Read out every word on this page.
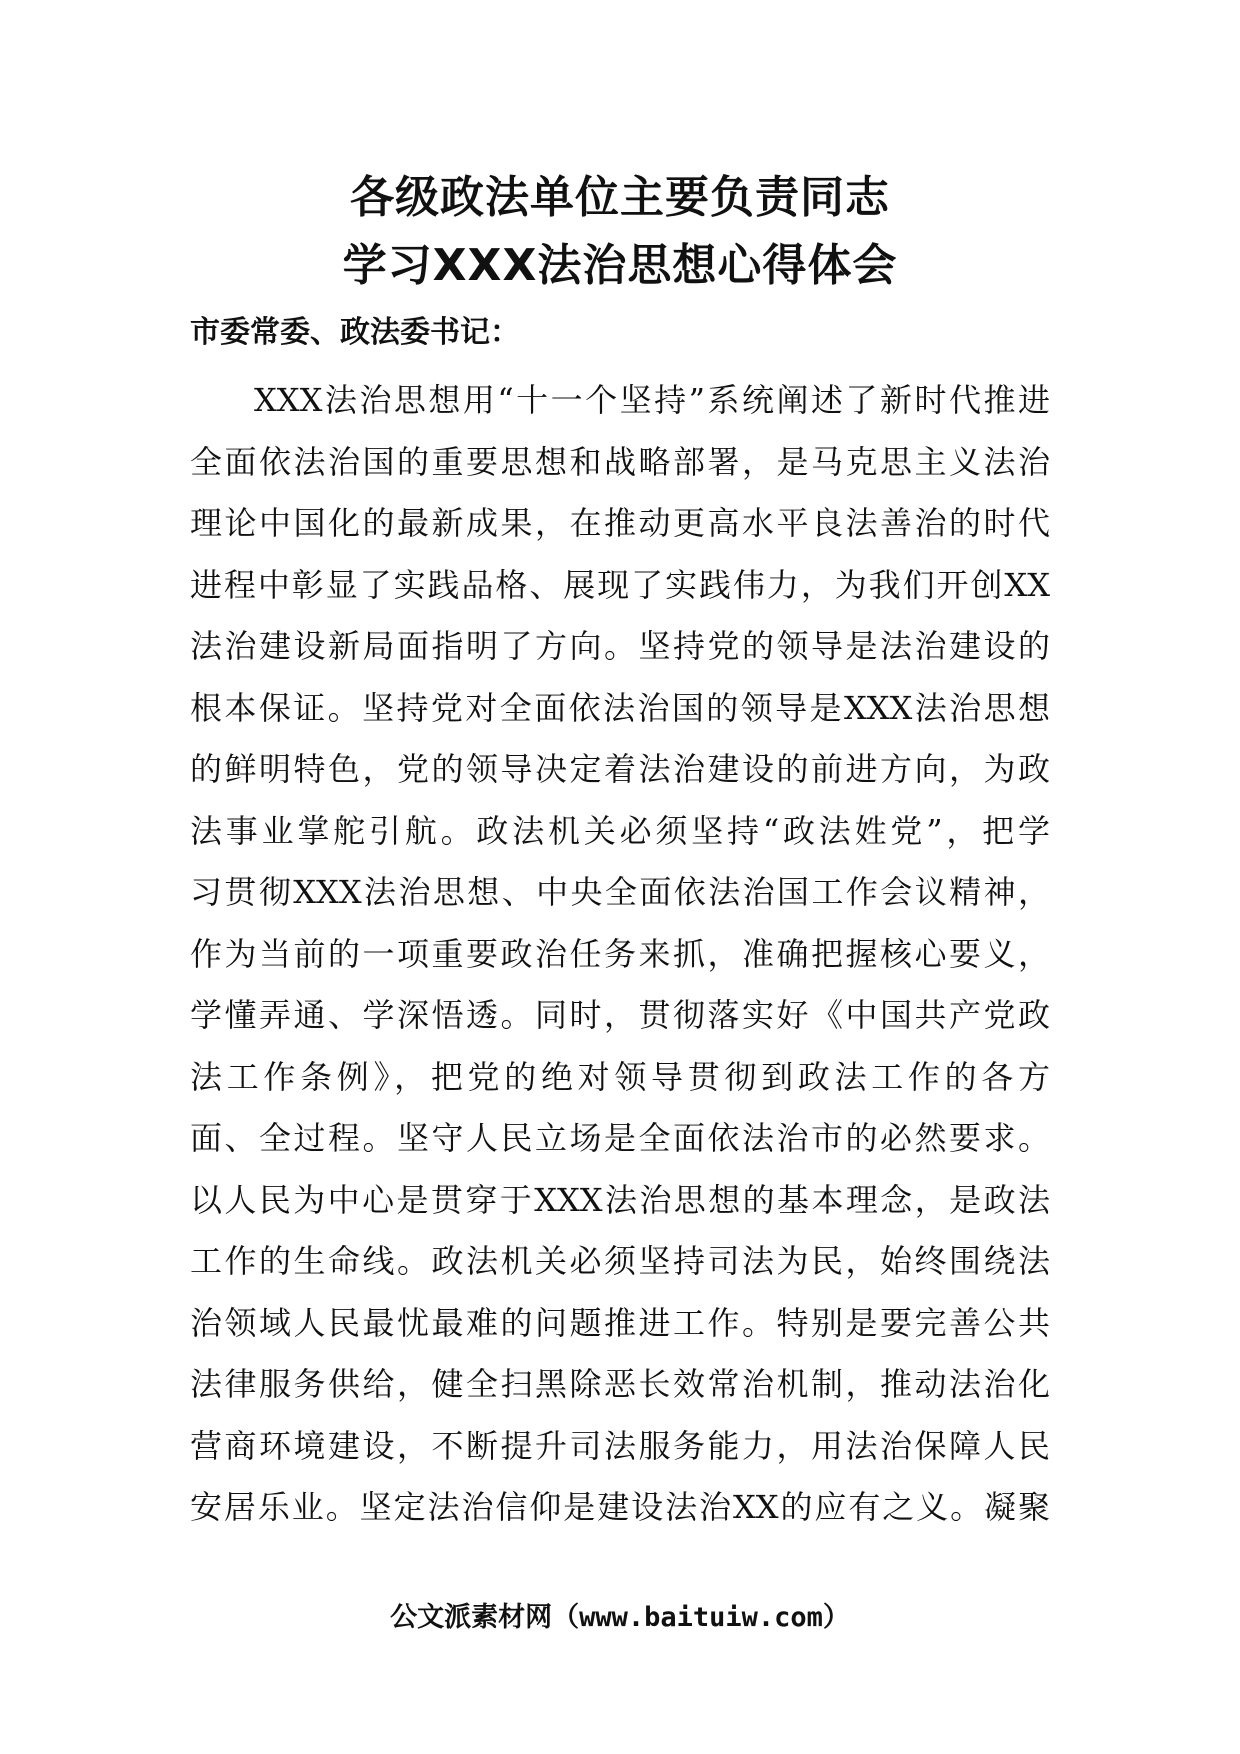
各级政法单位主要负责同志
学习XXX法治思想心得体会

市委常委、政法委书记：

XXX法治思想用“十一个坚持”系统阐述了新时代推进
全面依法治国的重要思想和战略部署，是马克思主义法治
理论中国化的最新成果，在推动更高水平良法善治的时代
进程中彰显了实践品格、展现了实践伟力，为我们开创XX
法治建设新局面指明了方向。坚持党的领导是法治建设的
根本保证。坚持党对全面依法治国的领导是XXX法治思想
的鲜明特色，党的领导决定着法治建设的前进方向，为政
法事业掌舵引航。政法机关必须坚持“政法姓党”，把学
习贯彻XXX法治思想、中央全面依法治国工作会议精神，
作为当前的一项重要政治任务来抓，准确把握核心要义，
学懂弄通、学深悟透。同时，贯彻落实好《中国共产党政
法工作条例》，把党的绝对领导贯彻到政法工作的各方
面、全过程。坚守人民立场是全面依法治市的必然要求。
以人民为中心是贯穿于XXX法治思想的基本理念，是政法
工作的生命线。政法机关必须坚持司法为民，始终围绕法
治领域人民最忧最难的问题推进工作。特别是要完善公共
法律服务供给，健全扫黑除恶长效常治机制，推动法治化
营商环境建设，不断提升司法服务能力，用法治保障人民
安居乐业。坚定法治信仰是建设法治XX的应有之义。凝聚

公文派素材网（www.baituiw.com）
